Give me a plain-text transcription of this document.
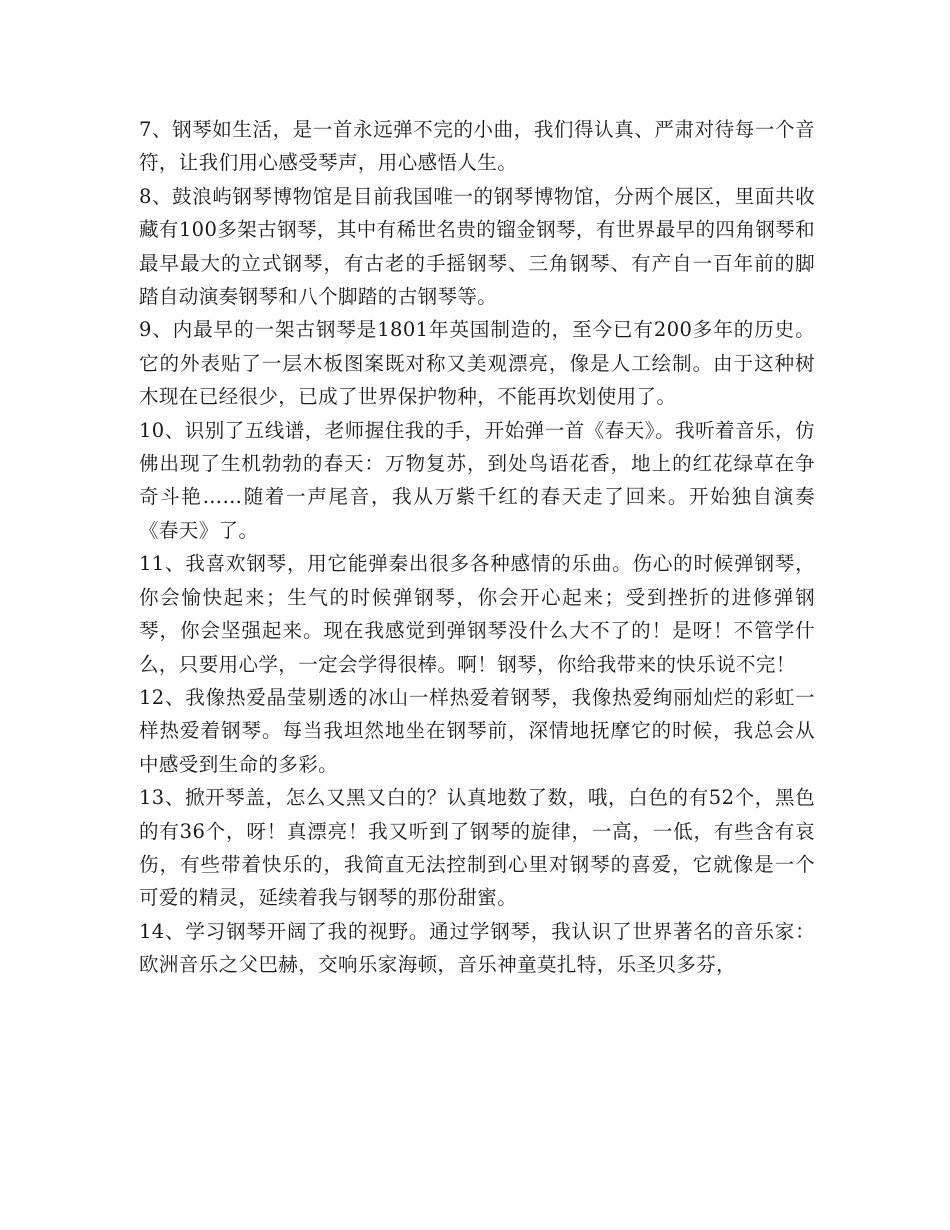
7、钢琴如生活，是一首永远弹不完的小曲，我们得认真、严肃对待每一个音符，让我们用心感受琴声，用心感悟人生。

8、鼓浪屿钢琴博物馆是目前我国唯一的钢琴博物馆，分两个展区，里面共收藏有100多架古钢琴，其中有稀世名贵的镏金钢琴，有世界最早的四角钢琴和最早最大的立式钢琴，有古老的手摇钢琴、三角钢琴、有产自一百年前的脚踏自动演奏钢琴和八个脚踏的古钢琴等。

9、内最早的一架古钢琴是1801年英国制造的，至今已有200多年的历史。它的外表贴了一层木板图案既对称又美观漂亮，像是人工绘制。由于这种树木现在已经很少，已成了世界保护物种，不能再坎划使用了。

10、识别了五线谱，老师握住我的手，开始弹一首《春天》。我听着音乐，仿佛出现了生机勃勃的春天：万物复苏，到处鸟语花香，地上的红花绿草在争奇斗艳……随着一声尾音，我从万紫千红的春天走了回来。开始独自演奏《春天》了。

11、我喜欢钢琴，用它能弹秦出很多各种感情的乐曲。伤心的时候弹钢琴，你会愉快起来；生气的时候弹钢琴，你会开心起来；受到挫折的进修弹钢琴，你会坚强起来。现在我感觉到弹钢琴没什么大不了的！是呀！不管学什么，只要用心学，一定会学得很棒。啊！钢琴，你给我带来的快乐说不完！

12、我像热爱晶莹剔透的冰山一样热爱着钢琴，我像热爱绚丽灿烂的彩虹一样热爱着钢琴。每当我坦然地坐在钢琴前，深情地抚摩它的时候，我总会从中感受到生命的多彩。

13、掀开琴盖，怎么又黑又白的？认真地数了数，哦，白色的有52个，黑色的有36个，呀！真漂亮！我又听到了钢琴的旋律，一高，一低，有些含有哀伤，有些带着快乐的，我简直无法控制到心里对钢琴的喜爱，它就像是一个可爱的精灵，延续着我与钢琴的那份甜蜜。

14、学习钢琴开阔了我的视野。通过学钢琴，我认识了世界著名的音乐家：欧洲音乐之父巴赫，交响乐家海顿，音乐神童莫扎特，乐圣贝多芬，
